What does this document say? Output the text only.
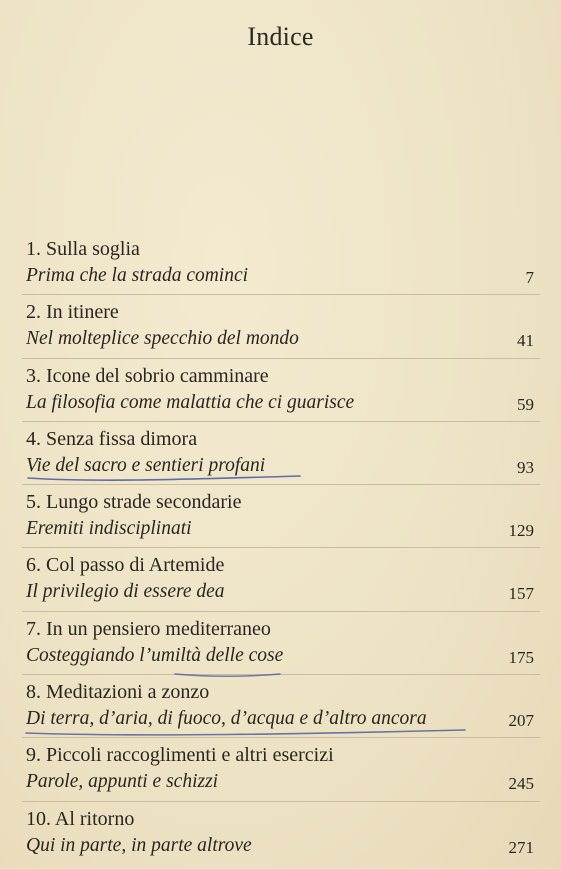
Indice
1. Sulla soglia
Prima che la strada cominci	7
2. In itinere
Nel molteplice specchio del mondo	41
3. Icone del sobrio camminare
La filosofia come malattia che ci guarisce	59
4. Senza fissa dimora
Vie del sacro e sentieri profani	93
5. Lungo strade secondarie
Eremiti indisciplinati	129
6. Col passo di Artemide
Il privilegio di essere dea	157
7. In un pensiero mediterraneo
Costeggiando l’umiltà delle cose	175
8. Meditazioni a zonzo
Di terra, d’aria, di fuoco, d’acqua e d’altro ancora	207
9. Piccoli raccoglimenti e altri esercizi
Parole, appunti e schizzi	245
10. Al ritorno
Qui in parte, in parte altrove	271
